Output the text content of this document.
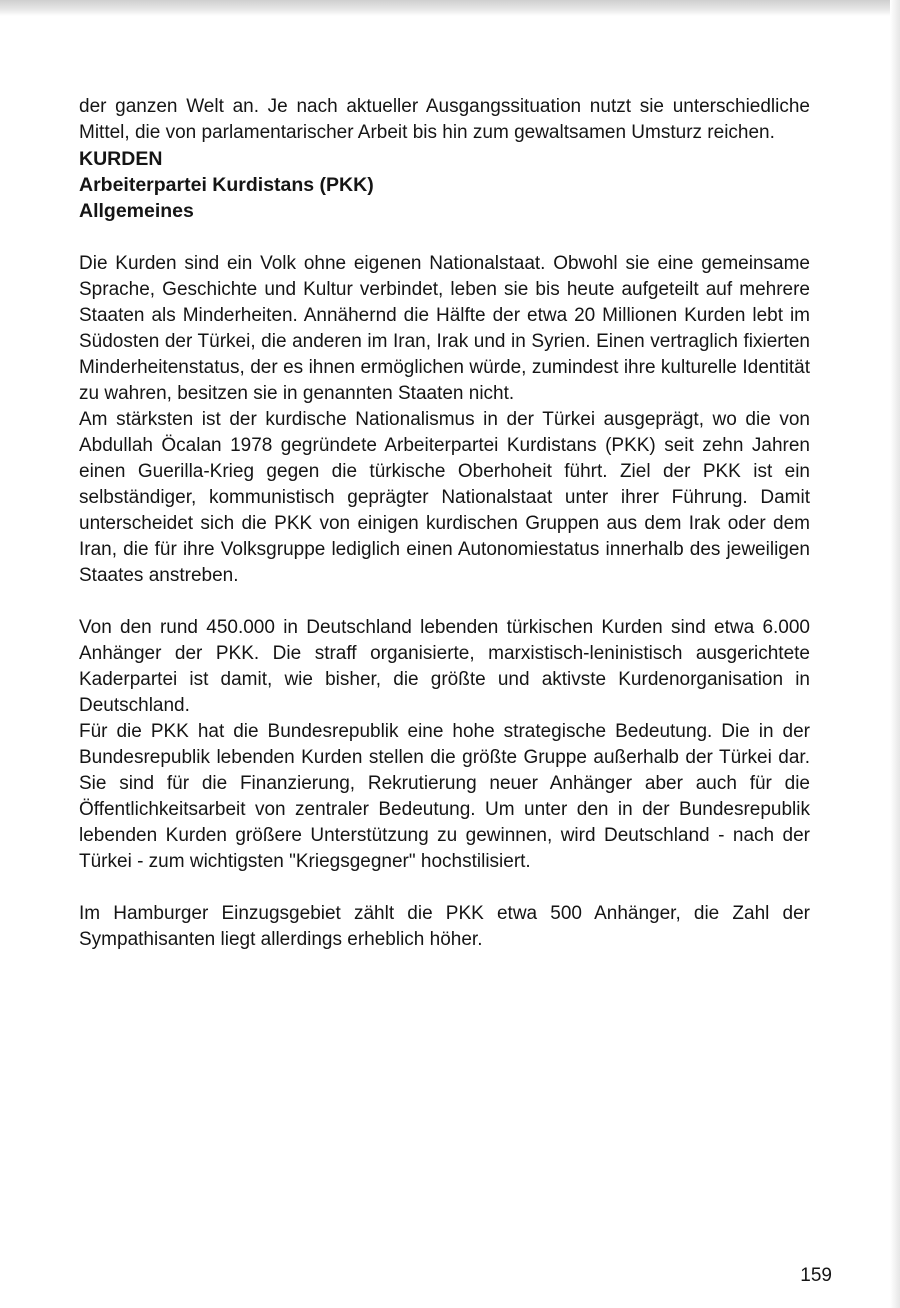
der ganzen Welt an. Je nach aktueller Ausgangssituation nutzt sie unterschiedliche Mittel, die von parlamentarischer Arbeit bis hin zum gewaltsamen Umsturz reichen.

KURDEN

Arbeiterpartei Kurdistans (PKK)

Allgemeines

Die Kurden sind ein Volk ohne eigenen Nationalstaat. Obwohl sie eine gemeinsame Sprache, Geschichte und Kultur verbindet, leben sie bis heute aufgeteilt auf mehrere Staaten als Minderheiten. Annähernd die Hälfte der etwa 20 Millionen Kurden lebt im Südosten der Türkei, die anderen im Iran, Irak und in Syrien. Einen vertraglich fixierten Minderheitenstatus, der es ihnen ermöglichen würde, zumindest ihre kulturelle Identität zu wahren, besitzen sie in genannten Staaten nicht.

Am stärksten ist der kurdische Nationalismus in der Türkei ausgeprägt, wo die von Abdullah Öcalan 1978 gegründete Arbeiterpartei Kurdistans (PKK) seit zehn Jahren einen Guerilla-Krieg gegen die türkische Oberhoheit führt. Ziel der PKK ist ein selbständiger, kommunistisch geprägter Nationalstaat unter ihrer Führung. Damit unterscheidet sich die PKK von einigen kurdischen Gruppen aus dem Irak oder dem Iran, die für ihre Volksgruppe lediglich einen Autonomiestatus innerhalb des jeweiligen Staates anstreben.

Von den rund 450.000 in Deutschland lebenden türkischen Kurden sind etwa 6.000 Anhänger der PKK. Die straff organisierte, marxistisch-leninistisch ausgerichtete Kaderpartei ist damit, wie bisher, die größte und aktivste Kurdenorganisation in Deutschland.

Für die PKK hat die Bundesrepublik eine hohe strategische Bedeutung. Die in der Bundesrepublik lebenden Kurden stellen die größte Gruppe außerhalb der Türkei dar. Sie sind für die Finanzierung, Rekrutierung neuer Anhänger aber auch für die Öffentlichkeitsarbeit von zentraler Bedeutung. Um unter den in der Bundesrepublik lebenden Kurden größere Unterstützung zu gewinnen, wird Deutschland - nach der Türkei - zum wichtigsten "Kriegsgegner" hochstilisiert.

Im Hamburger Einzugsgebiet zählt die PKK etwa 500 Anhänger, die Zahl der Sympathisanten liegt allerdings erheblich höher.

159
